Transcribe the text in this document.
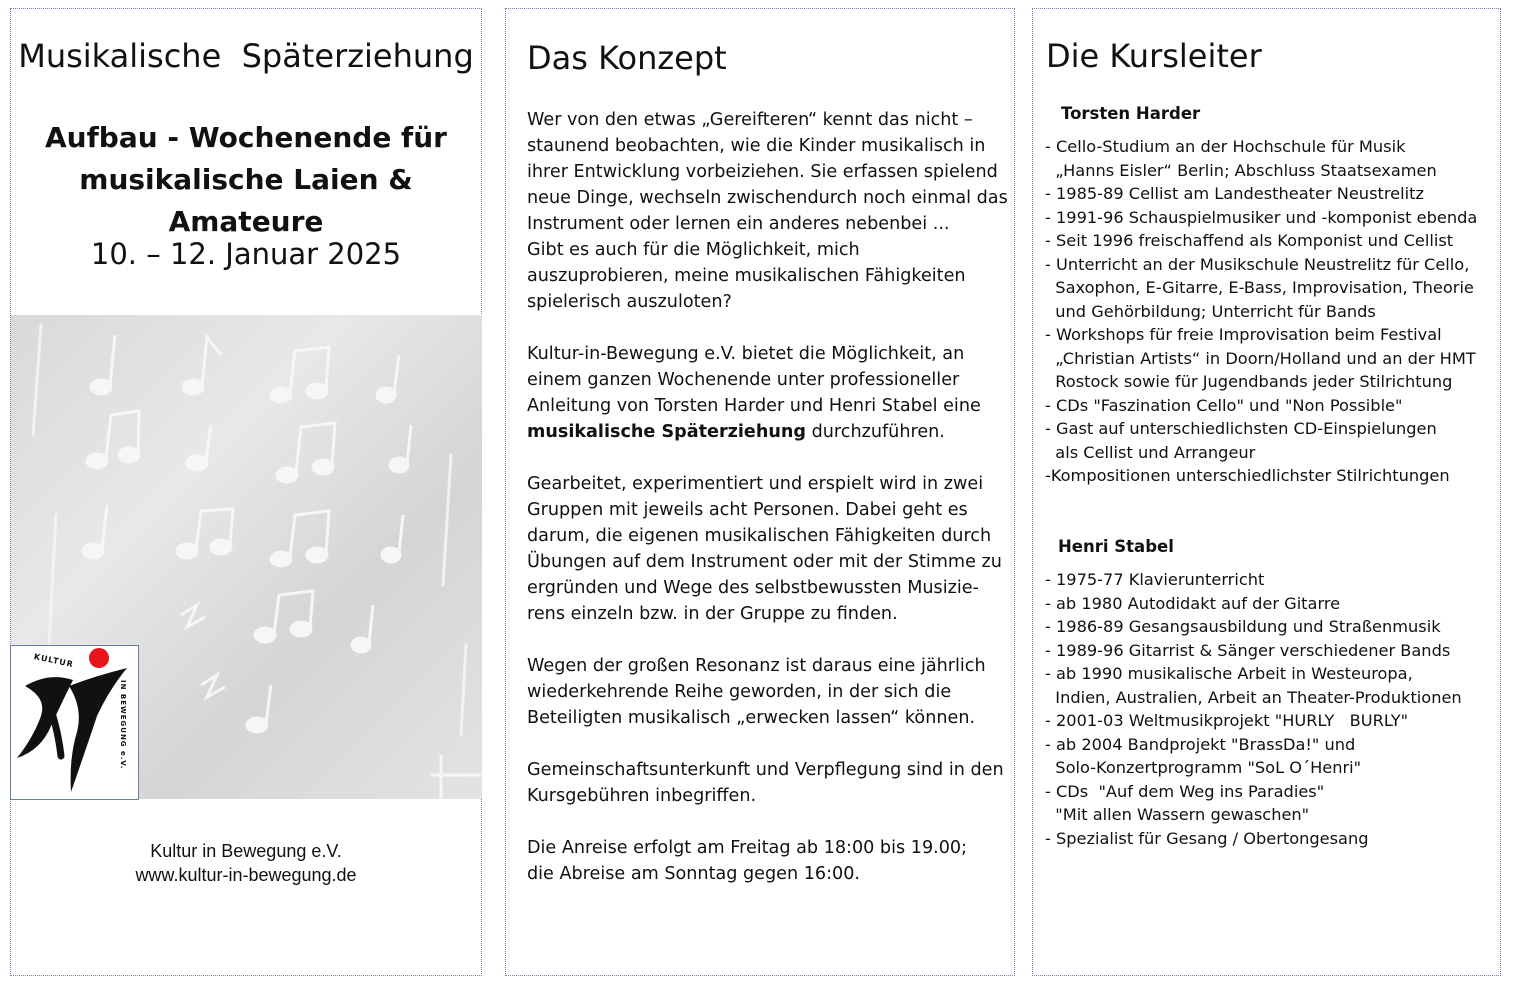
Musikalische  Späterziehung
Aufbau - Wochenende für
musikalische Laien & Amateure
10. – 12. Januar 2025
KULTUR
IN BEWEGUNG e.V.
Kultur in Bewegung e.V.
www.kultur-in-bewegung.de
Das Konzept

Wer von den etwas „Gereifteren“ kennt das nicht –
staunend beobachten, wie die Kinder musikalisch in
ihrer Entwicklung vorbeiziehen. Sie erfassen spielend
neue Dinge, wechseln zwischendurch noch einmal das
Instrument oder lernen ein anderes nebenbei ...
Gibt es auch für die Möglichkeit, mich
auszuprobieren, meine musikalischen Fähigkeiten
spielerisch auszuloten?

Kultur-in-Bewegung e.V. bietet die Möglichkeit, an
einem ganzen Wochenende unter professioneller
Anleitung von Torsten Harder und Henri Stabel eine
musikalische Späterziehung durchzuführen.

Gearbeitet, experimentiert und erspielt wird in zwei
Gruppen mit jeweils acht Personen. Dabei geht es
darum, die eigenen musikalischen Fähigkeiten durch
Übungen auf dem Instrument oder mit der Stimme zu
ergründen und Wege des selbstbewussten Musizie-
rens einzeln bzw. in der Gruppe zu finden.

Wegen der großen Resonanz ist daraus eine jährlich
wiederkehrende Reihe geworden, in der sich die
Beteiligten musikalisch „erwecken lassen“ können.

Gemeinschaftsunterkunft und Verpflegung sind in den
Kursgebühren inbegriffen.

Die Anreise erfolgt am Freitag ab 18:00 bis 19.00;
die Abreise am Sonntag gegen 16:00.

Die Kursleiter
Torsten Harder
- Cello-Studium an der Hochschule für Musik
„Hanns Eisler“ Berlin; Abschluss Staatsexamen
- 1985-89 Cellist am Landestheater Neustrelitz
- 1991-96 Schauspielmusiker und -komponist ebenda
- Seit 1996 freischaffend als Komponist und Cellist
- Unterricht an der Musikschule Neustrelitz für Cello,
Saxophon, E-Gitarre, E-Bass, Improvisation, Theorie
und Gehörbildung; Unterricht für Bands
- Workshops für freie Improvisation beim Festival
„Christian Artists“ in Doorn/Holland und an der HMT
Rostock sowie für Jugendbands jeder Stilrichtung
- CDs "Faszination Cello" und "Non Possible"
- Gast auf unterschiedlichsten CD-Einspielungen
als Cellist und Arrangeur
-Kompositionen unterschiedlichster Stilrichtungen
Henri Stabel
- 1975-77 Klavierunterricht
- ab 1980 Autodidakt auf der Gitarre
- 1986-89 Gesangsausbildung und Straßenmusik
- 1989-96 Gitarrist & Sänger verschiedener Bands
- ab 1990 musikalische Arbeit in Westeuropa,
Indien, Australien, Arbeit an Theater-Produktionen
- 2001-03 Weltmusikprojekt "HURLY   BURLY"
- ab 2004 Bandprojekt "BrassDa!" und
Solo-Konzertprogramm "SoL O´Henri"
- CDs  "Auf dem Weg ins Paradies"
"Mit allen Wassern gewaschen"
- Spezialist für Gesang / Obertongesang
